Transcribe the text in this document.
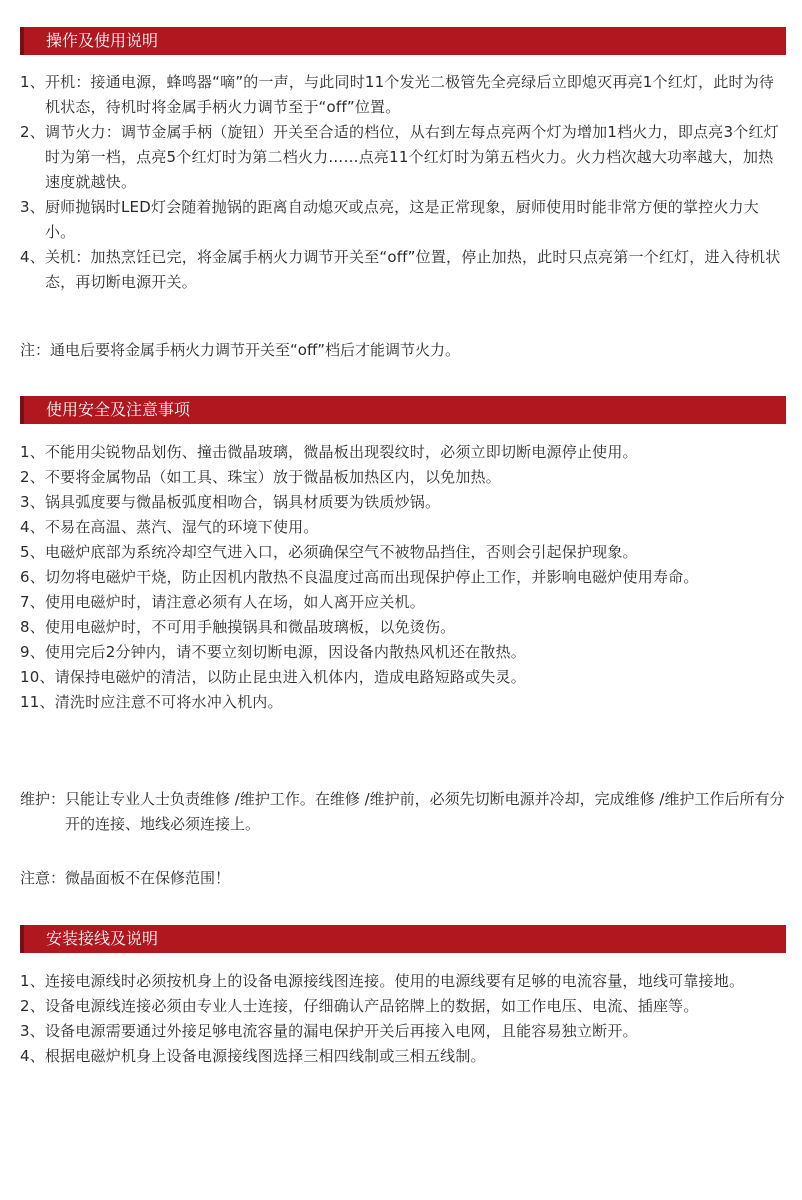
操作及使用说明
1、 开机：接通电源，蜂鸣器“嘀”的一声，与此同时11个发光二极管先全亮绿后立即熄灭再亮1个红灯，此时为待机状态，待机时将金属手柄火力调节至于“off”位置。
2、 调节火力：调节金属手柄（旋钮）开关至合适的档位，从右到左每点亮两个灯为增加1档火力，即点亮3个红灯时为第一档，点亮5个红灯时为第二档火力……点亮11个红灯时为第五档火力。火力档次越大功率越大，加热速度就越快。
3、 厨师抛锅时LED灯会随着抛锅的距离自动熄灭或点亮，这是正常现象，厨师使用时能非常方便的掌控火力大小。
4、 关机：加热烹饪已完，将金属手柄火力调节开关至“off”位置，停止加热，此时只点亮第一个红灯，进入待机状态，再切断电源开关。
注：通电后要将金属手柄火力调节开关至“off”档后才能调节火力。
使用安全及注意事项
1、 不能用尖锐物品划伤、撞击微晶玻璃，微晶板出现裂纹时，必须立即切断电源停止使用。
2、 不要将金属物品（如工具、珠宝）放于微晶板加热区内，以免加热。
3、 锅具弧度要与微晶板弧度相吻合，锅具材质要为铁质炒锅。
4、 不易在高温、蒸汽、湿气的环境下使用。
5、 电磁炉底部为系统冷却空气进入口，必须确保空气不被物品挡住，否则会引起保护现象。
6、 切勿将电磁炉干烧，防止因机内散热不良温度过高而出现保护停止工作，并影响电磁炉使用寿命。
7、 使用电磁炉时，请注意必须有人在场，如人离开应关机。
8、 使用电磁炉时，不可用手触摸锅具和微晶玻璃板，以免烫伤。
9、 使用完后2分钟内，请不要立刻切断电源，因设备内散热风机还在散热。
10、 请保持电磁炉的清洁，以防止昆虫进入机体内，造成电路短路或失灵。
11、 清洗时应注意不可将水冲入机内。
维护： 只能让专业人士负责维修 /维护工作。在维修 /维护前，必须先切断电源并冷却，完成维修 /维护工作后所有分开的连接、地线必须连接上。
注意：微晶面板不在保修范围！
安装接线及说明
1、 连接电源线时必须按机身上的设备电源接线图连接。使用的电源线要有足够的电流容量，地线可靠接地。
2、 设备电源线连接必须由专业人士连接，仔细确认产品铭牌上的数据，如工作电压、电流、插座等。
3、 设备电源需要通过外接足够电流容量的漏电保护开关后再接入电网，且能容易独立断开。
4、 根据电磁炉机身上设备电源接线图选择三相四线制或三相五线制。
